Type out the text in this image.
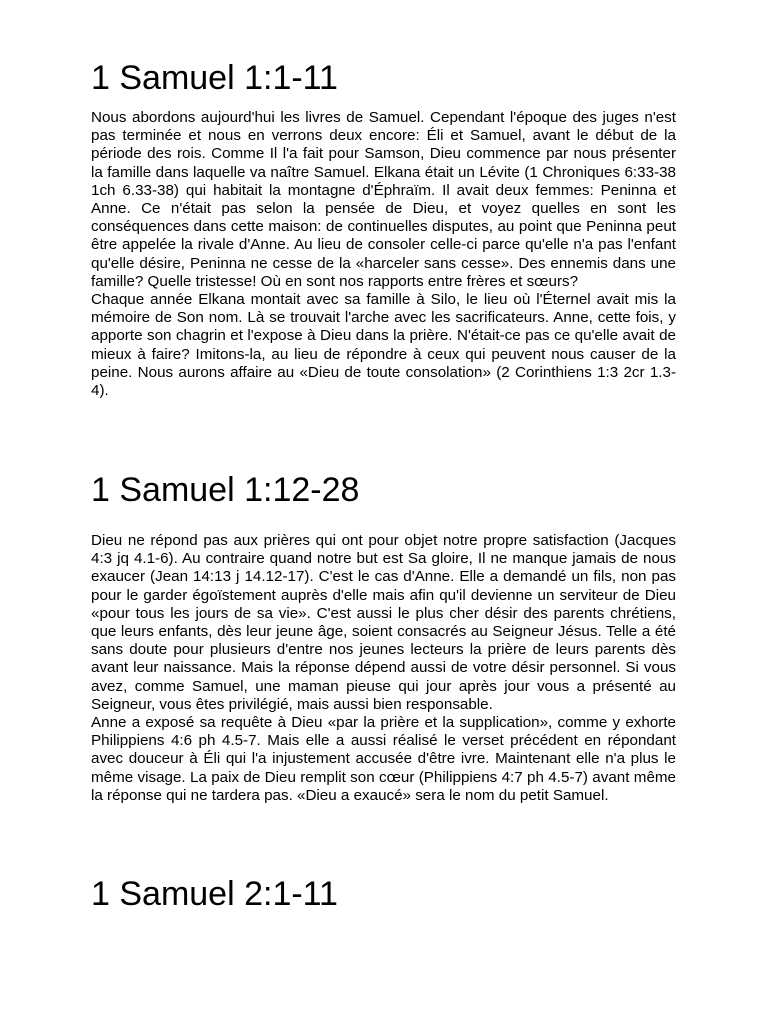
1 Samuel 1:1-11

Nous abordons aujourd'hui les livres de Samuel. Cependant l'époque des juges n'est pas terminée et nous en verrons deux encore: Éli et Samuel, avant le début de la période des rois. Comme Il l'a fait pour Samson, Dieu commence par nous présenter la famille dans laquelle va naître Samuel. Elkana était un Lévite (1 Chroniques 6:33-38 1ch 6.33-38) qui habitait la montagne d'Éphraïm. Il avait deux femmes: Peninna et Anne. Ce n'était pas selon la pensée de Dieu, et voyez quelles en sont les conséquences dans cette maison: de continuelles disputes, au point que Peninna peut être appelée la rivale d'Anne. Au lieu de consoler celle-ci parce qu'elle n'a pas l'enfant qu'elle désire, Peninna ne cesse de la «harceler sans cesse». Des ennemis dans une famille? Quelle tristesse! Où en sont nos rapports entre frères et sœurs?

Chaque année Elkana montait avec sa famille à Silo, le lieu où l'Éternel avait mis la mémoire de Son nom. Là se trouvait l'arche avec les sacrificateurs. Anne, cette fois, y apporte son chagrin et l'expose à Dieu dans la prière. N'était-ce pas ce qu'elle avait de mieux à faire? Imitons-la, au lieu de répondre à ceux qui peuvent nous causer de la peine. Nous aurons affaire au «Dieu de toute consolation» (2 Corinthiens 1:3 2cr 1.3-4).

1 Samuel 1:12-28

Dieu ne répond pas aux prières qui ont pour objet notre propre satisfaction (Jacques 4:3 jq 4.1-6). Au contraire quand notre but est Sa gloire, Il ne manque jamais de nous exaucer (Jean 14:13 j 14.12-17). C'est le cas d'Anne. Elle a demandé un fils, non pas pour le garder égoïstement auprès d'elle mais afin qu'il devienne un serviteur de Dieu «pour tous les jours de sa vie». C'est aussi le plus cher désir des parents chrétiens, que leurs enfants, dès leur jeune âge, soient consacrés au Seigneur Jésus. Telle a été sans doute pour plusieurs d'entre nos jeunes lecteurs la prière de leurs parents dès avant leur naissance. Mais la réponse dépend aussi de votre désir personnel. Si vous avez, comme Samuel, une maman pieuse qui jour après jour vous a présenté au Seigneur, vous êtes privilégié, mais aussi bien responsable.

Anne a exposé sa requête à Dieu «par la prière et la supplication», comme y exhorte Philippiens 4:6 ph 4.5-7. Mais elle a aussi réalisé le verset précédent en répondant avec douceur à Éli qui l'a injustement accusée d'être ivre. Maintenant elle n'a plus le même visage. La paix de Dieu remplit son cœur (Philippiens 4:7 ph 4.5-7) avant même la réponse qui ne tardera pas. «Dieu a exaucé» sera le nom du petit Samuel.

1 Samuel 2:1-11
